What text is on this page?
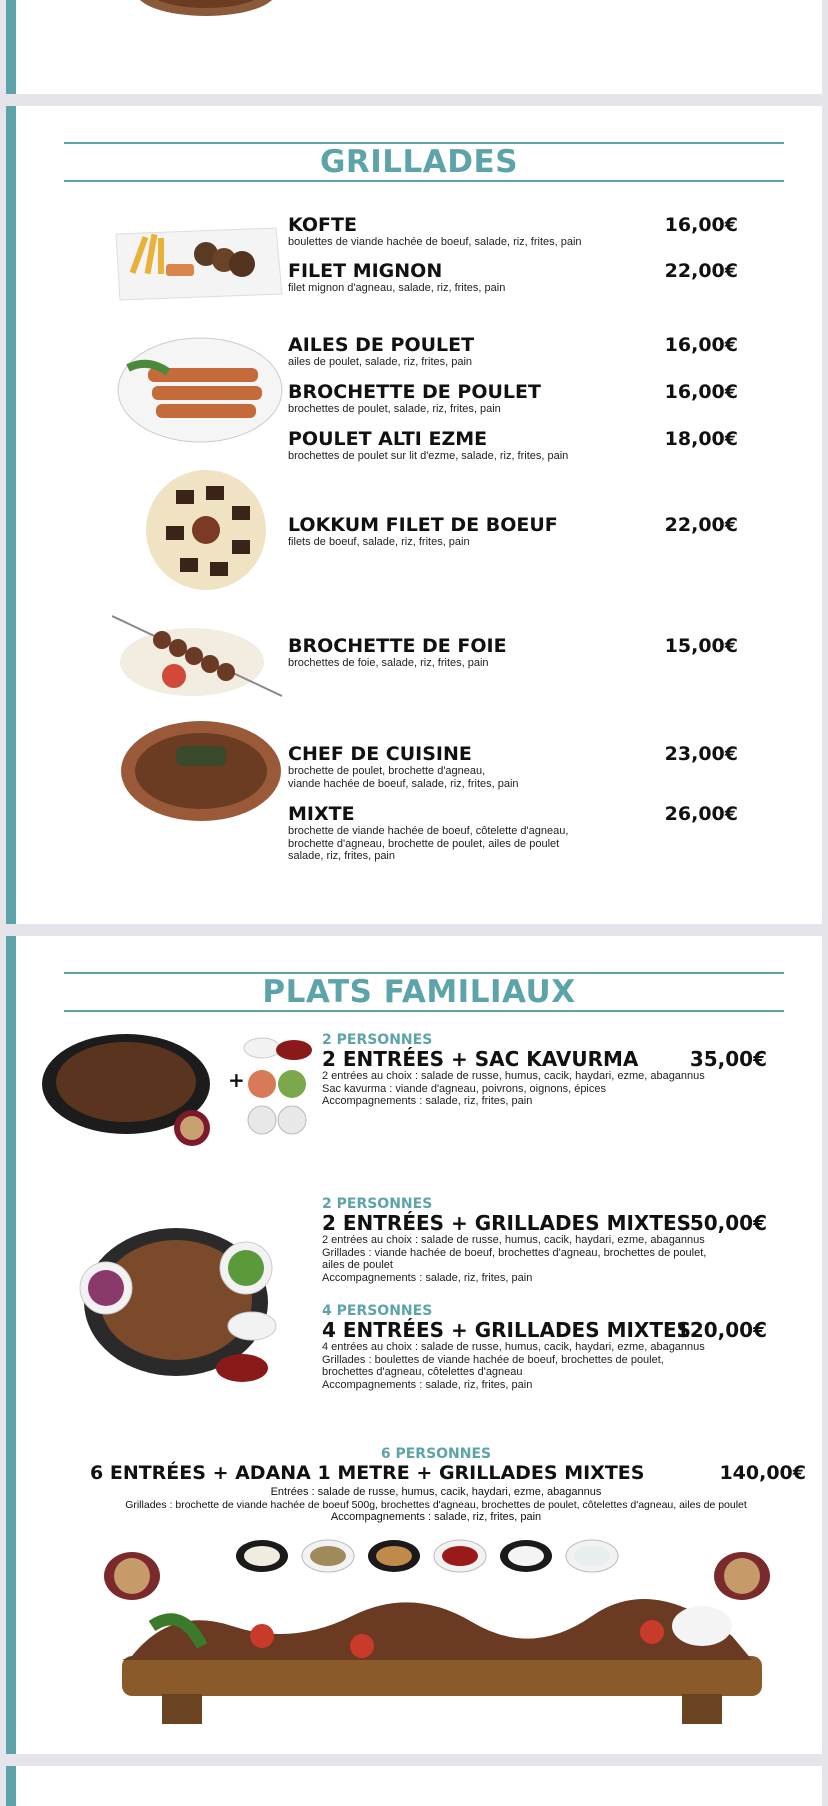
GRILLADES
KOFTE	16,00€
boulettes de viande hachée de boeuf, salade, riz, frites, pain
FILET MIGNON	22,00€
filet mignon d'agneau, salade, riz, frites, pain
AILES DE POULET	16,00€
ailes de poulet, salade, riz, frites, pain
BROCHETTE DE POULET	16,00€
brochettes de poulet, salade, riz, frites, pain
POULET ALTI EZME	18,00€
brochettes de poulet sur lit d'ezme, salade, riz, frites, pain
LOKKUM FILET DE BOEUF	22,00€
filets de boeuf, salade, riz, frites, pain
BROCHETTE DE FOIE	15,00€
brochettes de foie, salade, riz, frites, pain
CHEF DE CUISINE	23,00€
brochette de poulet, brochette d'agneau,
viande hachée de boeuf, salade, riz, frites, pain
MIXTE	26,00€
brochette de viande hachée de boeuf, côtelette d'agneau,
brochette d'agneau, brochette de poulet, ailes de poulet
salade, riz, frites, pain
PLATS FAMILIAUX
+
2 PERSONNES
2 ENTRÉES + SAC KAVURMA	35,00€
2 entrées au choix : salade de russe, humus, cacik, haydari, ezme, abagannus
Sac kavurma : viande d'agneau, poivrons, oignons, épices
Accompagnements : salade, riz, frites, pain
2 PERSONNES
2 ENTRÉES + GRILLADES MIXTES
50,00€
2 entrées au choix : salade de russe, humus, cacik, haydari, ezme, abagannus
Grillades : viande hachée de boeuf, brochettes d'agneau, brochettes de poulet,
ailes de poulet
Accompagnements : salade, riz, frites, pain
4 PERSONNES
4 ENTRÉES + GRILLADES MIXTES
120,00€
4 entrées au choix : salade de russe, humus, cacik, haydari, ezme, abagannus
Grillades : boulettes de viande hachée de boeuf, brochettes de poulet,
brochettes d'agneau, côtelettes d'agneau
Accompagnements : salade, riz, frites, pain
6 PERSONNES
6 ENTRÉES + ADANA 1 METRE + GRILLADES MIXTES	140,00€
Entrées : salade de russe, humus, cacik, haydari, ezme, abagannus
Grillades : brochette de viande hachée de boeuf 500g, brochettes d'agneau, brochettes de poulet, côtelettes d'agneau, ailes de poulet
Accompagnements : salade, riz, frites, pain
